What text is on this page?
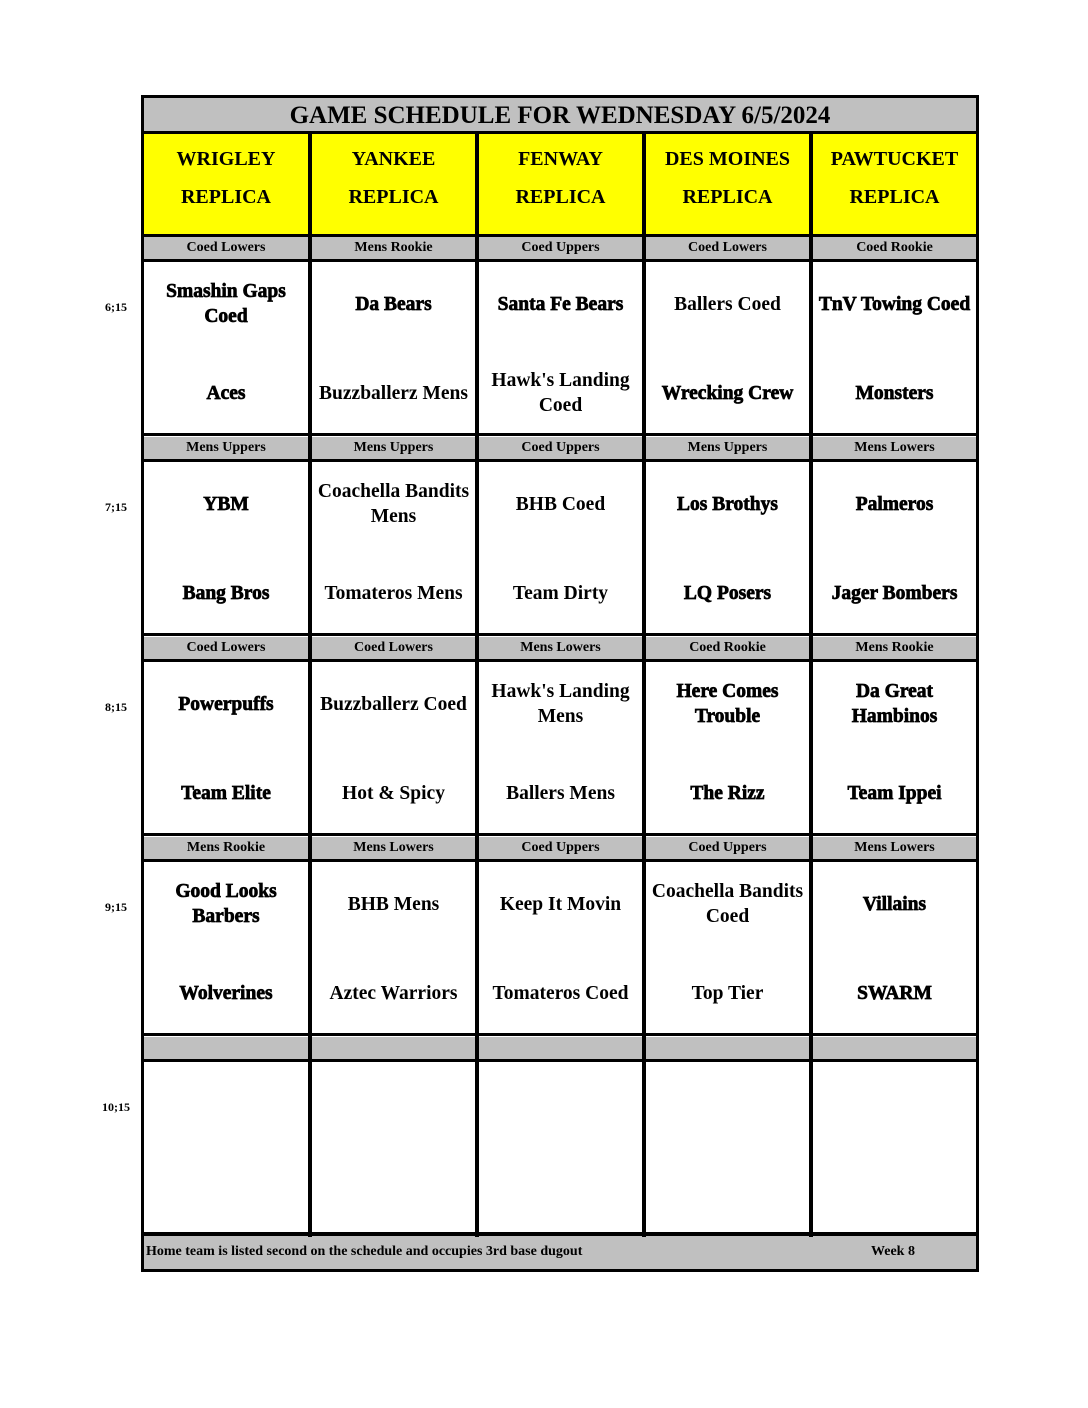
GAME SCHEDULE FOR WEDNESDAY 6/5/2024
Home team is listed second on the schedule and occupies 3rd base dugout	Week 8
WRIGLEY
REPLICA
YANKEE
REPLICA
FENWAY
REPLICA
DES MOINES
REPLICA
PAWTUCKET
REPLICA
Coed Lowers
Smashin Gaps Coed
Aces
Mens Rookie
Da Bears
Buzzballerz Mens
Coed Uppers
Santa Fe Bears
Hawk's Landing Coed
Coed Lowers
Ballers Coed
Wrecking Crew
Coed Rookie
TnV Towing Coed
Monsters
Mens Uppers
YBM
Bang Bros
Mens Uppers
Coachella Bandits Mens
Tomateros Mens
Coed Uppers
BHB Coed
Team Dirty
Mens Uppers
Los Brothys
LQ Posers
Mens Lowers
Palmeros
Jager Bombers
Coed Lowers
Powerpuffs
Team Elite
Coed Lowers
Buzzballerz Coed
Hot & Spicy
Mens Lowers
Hawk's Landing Mens
Ballers Mens
Coed Rookie
Here Comes Trouble
The Rizz
Mens Rookie
Da Great Hambinos
Team Ippei
Mens Rookie
Good Looks Barbers
Wolverines
Mens Lowers
BHB Mens
Aztec Warriors
Coed Uppers
Keep It Movin
Tomateros Coed
Coed Uppers
Coachella Bandits Coed
Top Tier
Mens Lowers
Villains
SWARM
6;15
7;15
8;15
9;15
10;15
